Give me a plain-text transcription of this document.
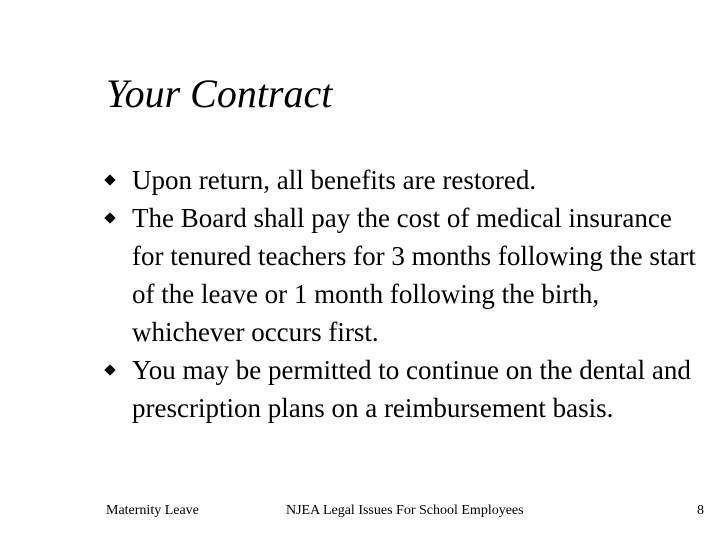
Your Contract
Upon return, all benefits are restored.
The Board shall pay the cost of medical insurance for tenured teachers for 3 months following the start of the leave or 1 month following the birth, whichever occurs first.
You may be permitted to continue on the dental and prescription plans on a reimbursement basis.
Maternity Leave	NJEA Legal Issues For School Employees	8
